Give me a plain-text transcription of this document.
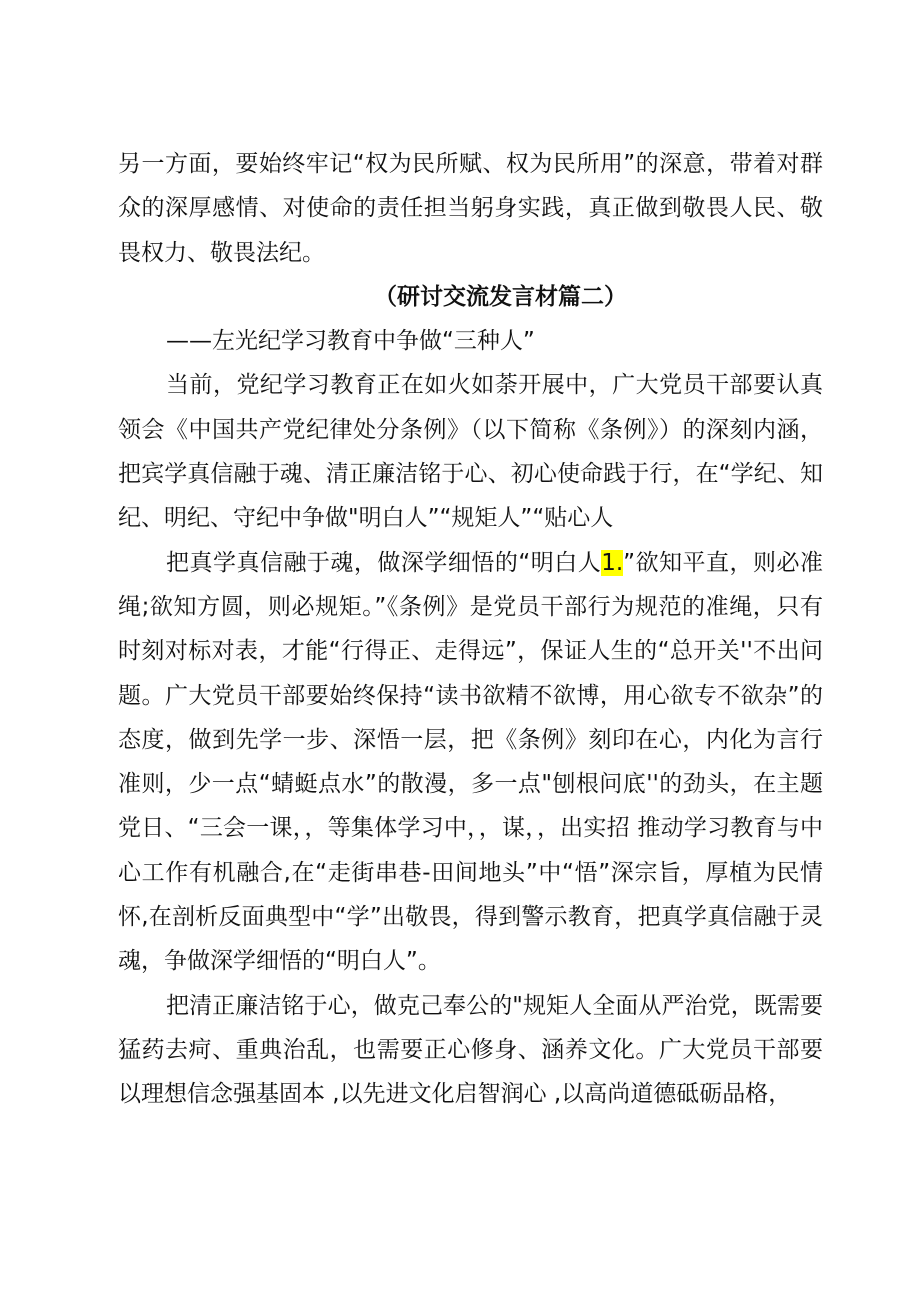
另一方面，要始终牢记“权为民所赋、权为民所用”的深意，带着对群众的深厚感情、对使命的责任担当躬身实践，真正做到敬畏人民、敬畏权力、敬畏法纪。

（研讨交流发言材篇二）

——左光纪学习教育中争做“三种人”

当前，党纪学习教育正在如火如荼开展中，广大党员干部要认真领会《中国共产党纪律处分条例》（以下简称《条例》）的深刻内涵，把宾学真信融于魂、清正廉洁铭于心、初心使命践于行，在“学纪、知纪、明纪、守纪中争做"明白人”“规矩人”“贴心人

把真学真信融于魂，做深学细悟的“明白人1.”欲知平直，则必准绳;欲知方圆，则必规矩。”《条例》是党员干部行为规范的准绳，只有时刻对标对表，才能“行得正、走得远”，保证人生的“总开关''不出问题。广大党员干部要始终保持“读书欲精不欲博，用心欲专不欲杂”的态度，做到先学一步、深悟一层，把《条例》刻印在心，内化为言行准则，少一点“蜻蜓点水”的散漫，多一点"刨根问底''的劲头，在主题党日、“三会一课，，等集体学习中，，谋，，出实招 推动学习教育与中心工作有机融合,在“走街串巷-田间地头”中“悟”深宗旨，厚植为民情怀,在剖析反面典型中“学”出敬畏，得到警示教育，把真学真信融于灵魂，争做深学细悟的“明白人”。

把清正廉洁铭于心，做克己奉公的"规矩人全面从严治党，既需要猛药去疴、重典治乱，也需要正心修身、涵养文化。广大党员干部要以理想信念强基固本 ,以先进文化启智润心 ,以高尚道德砥砺品格，
